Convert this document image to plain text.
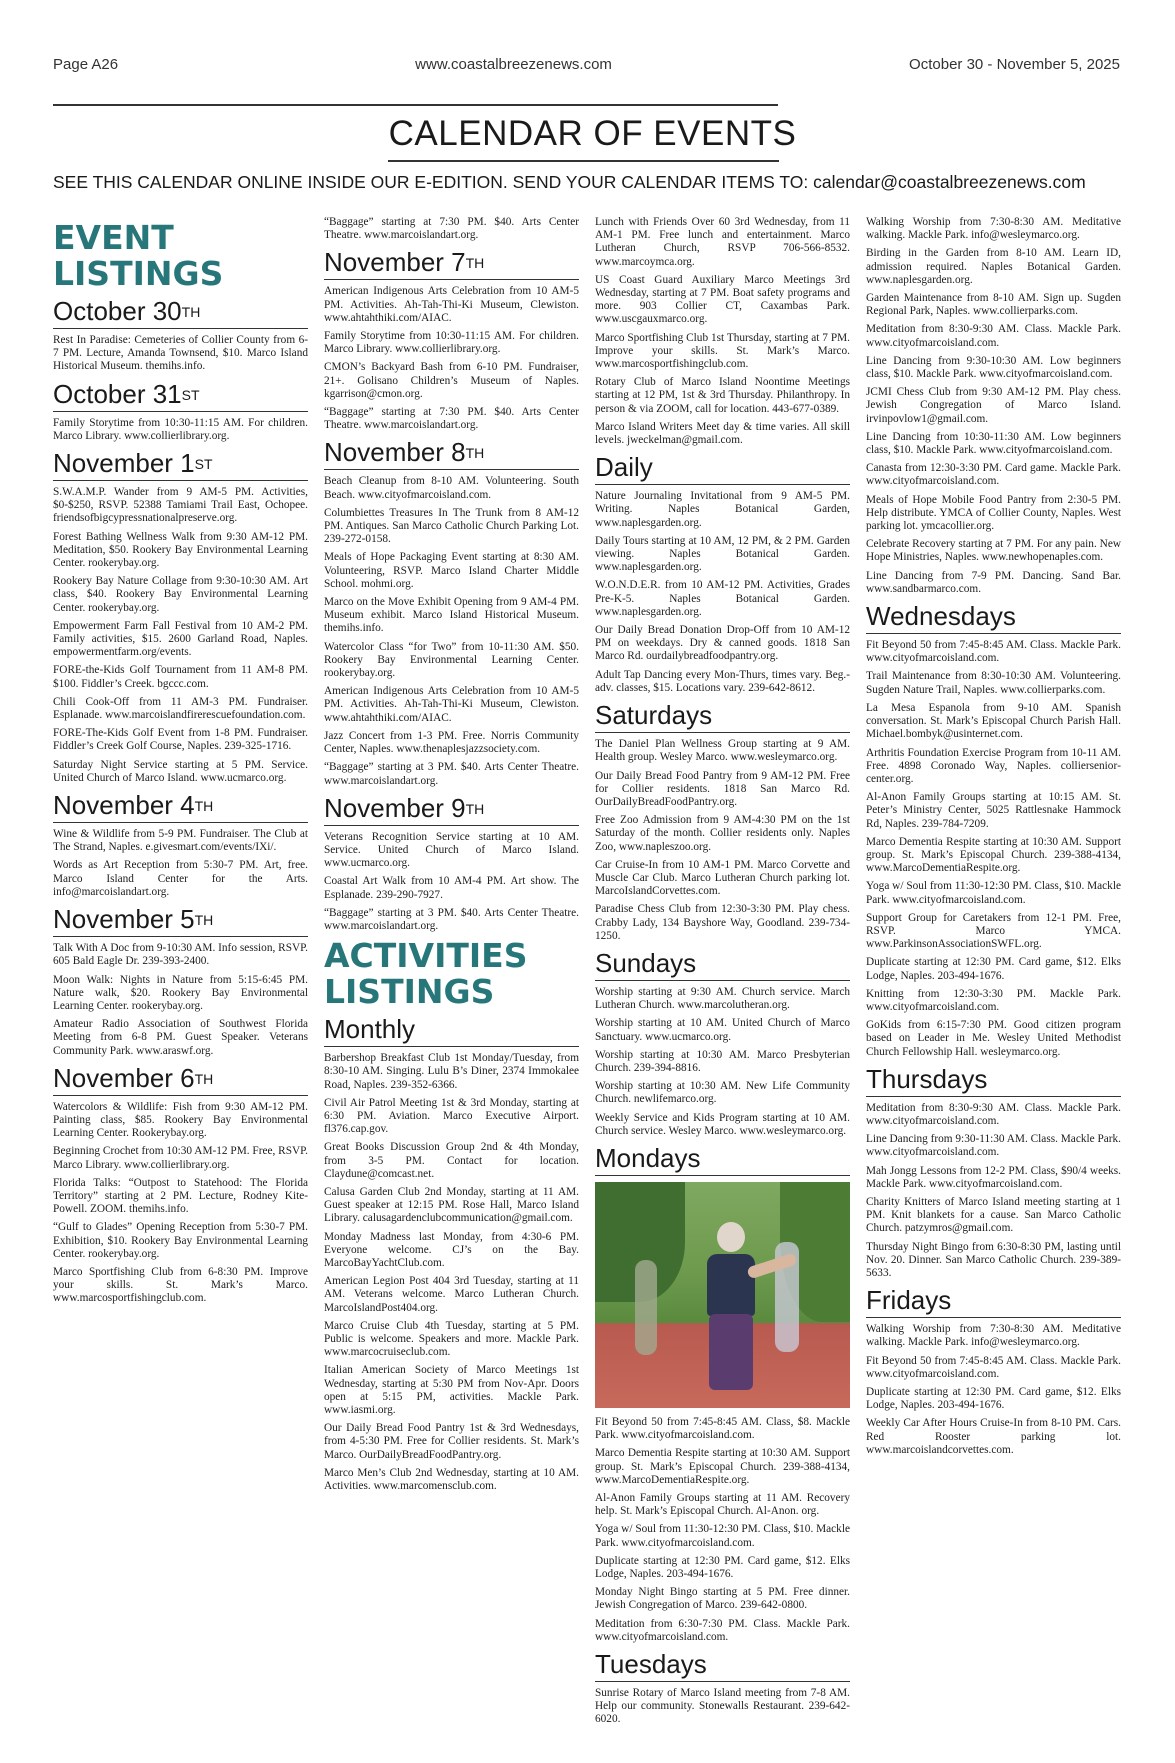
Page A26	www.coastalbreezenews.com	October 30 - November 5, 2025
CALENDAR OF EVENTS
SEE THIS CALENDAR ONLINE INSIDE OUR E-EDITION. SEND YOUR CALENDAR ITEMS TO: calendar@coastalbreezenews.com
EVENT LISTINGS
October 30TH

Rest In Paradise: Cemeteries of Collier County from 6-7 PM. Lecture, Amanda Townsend, $10. Marco Island Historical Museum. themihs.info.

October 31ST

Family Storytime from 10:30-11:15 AM. For children. Marco Library. www.collierlibrary.org.

November 1ST

S.W.A.M.P. Wander from 9 AM-5 PM. Activities, $0-$250, RSVP. 52388 Tamiami Trail East, Ochopee. friendsofbigcypressnationalpreserve.org.

Forest Bathing Wellness Walk from 9:30 AM-12 PM. Meditation, $50. Rookery Bay Environmental Learning Center. rookerybay.org.

Rookery Bay Nature Collage from 9:30-10:30 AM. Art class, $40. Rookery Bay Environmental Learning Center. rookerybay.org.

Empowerment Farm Fall Festival from 10 AM-2 PM. Family activities, $15. 2600 Garland Road, Naples. empowermentfarm.org/events.

FORE-the-Kids Golf Tournament from 11 AM-8 PM. $100. Fiddler’s Creek. bgccc.com.

Chili Cook-Off from 11 AM-3 PM. Fundraiser. Esplanade. www.marcoislandfirerescuefoundation.com.

FORE-The-Kids Golf Event from 1-8 PM. Fundraiser. Fiddler’s Creek Golf Course, Naples. 239-325-1716.

Saturday Night Service starting at 5 PM. Service. United Church of Marco Island. www.ucmarco.org.

November 4TH

Wine & Wildlife from 5-9 PM. Fundraiser. The Club at The Strand, Naples. e.givesmart.com/events/IXi/.

Words as Art Reception from 5:30-7 PM. Art, free. Marco Island Center for the Arts. info@marcoislandart.org.

November 5TH

Talk With A Doc from 9-10:30 AM. Info session, RSVP. 605 Bald Eagle Dr. 239-393-2400.

Moon Walk: Nights in Nature from 5:15-6:45 PM. Nature walk, $20. Rookery Bay Environmental Learning Center. rookerybay.org.

Amateur Radio Association of Southwest Florida Meeting from 6-8 PM. Guest Speaker. Veterans Community Park. www.araswf.org.

November 6TH

Watercolors & Wildlife: Fish from 9:30 AM-12 PM. Painting class, $85. Rookery Bay Environmental Learning Center. Rookerybay.org.

Beginning Crochet from 10:30 AM-12 PM. Free, RSVP. Marco Library. www.collierlibrary.org.

Florida Talks: “Outpost to Statehood: The Florida Territory” starting at 2 PM. Lecture, Rodney Kite-Powell. ZOOM. themihs.info.

“Gulf to Glades” Opening Reception from 5:30-7 PM. Exhibition, $10. Rookery Bay Environmental Learning Center. rookerybay.org.

Marco Sportfishing Club from 6-8:30 PM. Improve your skills. St. Mark’s Marco. www.marcosportfishingclub.com.

“Baggage” starting at 7:30 PM. $40. Arts Center Theatre. www.marcoislandart.org.

November 7TH

American Indigenous Arts Celebration from 10 AM-5 PM. Activities. Ah-Tah-Thi-Ki Museum, Clewiston. www.ahtahthiki.com/AIAC.

Family Storytime from 10:30-11:15 AM. For children. Marco Library. www.collierlibrary.org.

CMON’s Backyard Bash from 6-10 PM. Fundraiser, 21+. Golisano Children’s Museum of Naples. kgarrison@cmon.org.

“Baggage” starting at 7:30 PM. $40. Arts Center Theatre. www.marcoislandart.org.

November 8TH

Beach Cleanup from 8-10 AM. Volunteering. South Beach. www.cityofmarcoisland.com.

Columbiettes Treasures In The Trunk from 8 AM-12 PM. Antiques. San Marco Catholic Church Parking Lot. 239-272-0158.

Meals of Hope Packaging Event starting at 8:30 AM. Volunteering, RSVP. Marco Island Charter Middle School. mohmi.org.

Marco on the Move Exhibit Opening from 9 AM-4 PM. Museum exhibit. Marco Island Historical Museum. themihs.info.

Watercolor Class “for Two” from 10-11:30 AM. $50. Rookery Bay Environmental Learning Center. rookerybay.org.

American Indigenous Arts Celebration from 10 AM-5 PM. Activities. Ah-Tah-Thi-Ki Museum, Clewiston. www.ahtahthiki.com/AIAC.

Jazz Concert from 1-3 PM. Free. Norris Community Center, Naples. www.thenaplesjazzsociety.com.

“Baggage” starting at 3 PM. $40. Arts Center Theatre. www.marcoislandart.org.

November 9TH

Veterans Recognition Service starting at 10 AM. Service. United Church of Marco Island. www.ucmarco.org.

Coastal Art Walk from 10 AM-4 PM. Art show. The Esplanade. 239-290-7927.

“Baggage” starting at 3 PM. $40. Arts Center Theatre. www.marcoislandart.org.

ACTIVITIES LISTINGS
Monthly

Barbershop Breakfast Club 1st Monday/Tuesday, from 8:30-10 AM. Singing. Lulu B’s Diner, 2374 Immokalee Road, Naples. 239-352-6366.

Civil Air Patrol Meeting 1st & 3rd Monday, starting at 6:30 PM. Aviation. Marco Executive Airport. fl376.cap.gov.

Great Books Discussion Group 2nd & 4th Monday, from 3-5 PM. Contact for location. Claydune@comcast.net.

Calusa Garden Club 2nd Monday, starting at 11 AM. Guest speaker at 12:15 PM. Rose Hall, Marco Island Library. calusagardenclubcommunication@gmail.com.

Monday Madness last Monday, from 4:30-6 PM. Everyone welcome. CJ’s on the Bay. MarcoBayYachtClub.com.

American Legion Post 404 3rd Tuesday, starting at 11 AM. Veterans welcome. Marco Lutheran Church. MarcoIslandPost404.org.

Marco Cruise Club 4th Tuesday, starting at 5 PM. Public is welcome. Speakers and more. Mackle Park. www.marcocruiseclub.com.

Italian American Society of Marco Meetings 1st Wednesday, starting at 5:30 PM from Nov-Apr. Doors open at 5:15 PM, activities. Mackle Park. www.iasmi.org.

Our Daily Bread Food Pantry 1st & 3rd Wednesdays, from 4-5:30 PM. Free for Collier residents. St. Mark’s Marco. OurDailyBreadFoodPantry.org.

Marco Men’s Club 2nd Wednesday, starting at 10 AM. Activities. www.marcomensclub.com.

Lunch with Friends Over 60 3rd Wednesday, from 11 AM-1 PM. Free lunch and entertainment. Marco Lutheran Church, RSVP 706-566-8532. www.marcoymca.org.

US Coast Guard Auxiliary Marco Meetings 3rd Wednesday, starting at 7 PM. Boat safety programs and more. 903 Collier CT, Caxambas Park. www.uscgauxmarco.org.

Marco Sportfishing Club 1st Thursday, starting at 7 PM. Improve your skills. St. Mark’s Marco. www.marcosportfishingclub.com.

Rotary Club of Marco Island Noontime Meetings starting at 12 PM, 1st & 3rd Thursday. Philanthropy. In person & via ZOOM, call for location. 443-677-0389.

Marco Island Writers Meet day & time varies. All skill levels. jweckelman@gmail.com.

Daily

Nature Journaling Invitational from 9 AM-5 PM. Writing. Naples Botanical Garden, www.naplesgarden.org.

Daily Tours starting at 10 AM, 12 PM, & 2 PM. Garden viewing. Naples Botanical Garden. www.naplesgarden.org.

W.O.N.D.E.R. from 10 AM-12 PM. Activities, Grades Pre-K-5. Naples Botanical Garden. www.naplesgarden.org.

Our Daily Bread Donation Drop-Off from 10 AM-12 PM on weekdays. Dry & canned goods. 1818 San Marco Rd. ourdailybreadfoodpantry.org.

Adult Tap Dancing every Mon-Thurs, times vary. Beg.-adv. classes, $15. Locations vary. 239-642-8612.

Saturdays

The Daniel Plan Wellness Group starting at 9 AM. Health group. Wesley Marco. www.wesleymarco.org.

Our Daily Bread Food Pantry from 9 AM-12 PM. Free for Collier residents. 1818 San Marco Rd. OurDailyBreadFoodPantry.org.

Free Zoo Admission from 9 AM-4:30 PM on the 1st Saturday of the month. Collier residents only. Naples Zoo, www.napleszoo.org.

Car Cruise-In from 10 AM-1 PM. Marco Corvette and Muscle Car Club. Marco Lutheran Church parking lot. MarcoIslandCorvettes.com.

Paradise Chess Club from 12:30-3:30 PM. Play chess. Crabby Lady, 134 Bayshore Way, Goodland. 239-734-1250.

Sundays

Worship starting at 9:30 AM. Church service. March Lutheran Church. www.marcolutheran.org.

Worship starting at 10 AM. United Church of Marco Sanctuary. www.ucmarco.org.

Worship starting at 10:30 AM. Marco Presbyterian Church. 239-394-8816.

Worship starting at 10:30 AM. New Life Community Church. newlifemarco.org.

Weekly Service and Kids Program starting at 10 AM. Church service. Wesley Marco. www.wesleymarco.org.

Mondays

Fit Beyond 50 from 7:45-8:45 AM. Class, $8. Mackle Park. www.cityofmarcoisland.com.

Marco Dementia Respite starting at 10:30 AM. Support group. St. Mark’s Episcopal Church. 239-388-4134, www.MarcoDementiaRespite.org.

Al-Anon Family Groups starting at 11 AM. Recovery help. St. Mark’s Episcopal Church. Al-Anon. org.

Yoga w/ Soul from 11:30-12:30 PM. Class, $10. Mackle Park. www.cityofmarcoisland.com.

Duplicate starting at 12:30 PM. Card game, $12. Elks Lodge, Naples. 203-494-1676.

Monday Night Bingo starting at 5 PM. Free dinner. Jewish Congregation of Marco. 239-642-0800.

Meditation from 6:30-7:30 PM. Class. Mackle Park. www.cityofmarcoisland.com.

Tuesdays

Sunrise Rotary of Marco Island meeting from 7-8 AM. Help our community. Stonewalls Restaurant. 239-642-6020.

Walking Worship from 7:30-8:30 AM. Meditative walking. Mackle Park. info@wesleymarco.org.

Birding in the Garden from 8-10 AM. Learn ID, admission required. Naples Botanical Garden. www.naplesgarden.org.

Garden Maintenance from 8-10 AM. Sign up. Sugden Regional Park, Naples. www.collierparks.com.

Meditation from 8:30-9:30 AM. Class. Mackle Park. www.cityofmarcoisland.com.

Line Dancing from 9:30-10:30 AM. Low beginners class, $10. Mackle Park. www.cityofmarcoisland.com.

JCMI Chess Club from 9:30 AM-12 PM. Play chess. Jewish Congregation of Marco Island. irvinpovlow1@gmail.com.

Line Dancing from 10:30-11:30 AM. Low beginners class, $10. Mackle Park. www.cityofmarcoisland.com.

Canasta from 12:30-3:30 PM. Card game. Mackle Park. www.cityofmarcoisland.com.

Meals of Hope Mobile Food Pantry from 2:30-5 PM. Help distribute. YMCA of Collier County, Naples. West parking lot. ymcacollier.org.

Celebrate Recovery starting at 7 PM. For any pain. New Hope Ministries, Naples. www.newhopenaples.com.

Line Dancing from 7-9 PM. Dancing. Sand Bar. www.sandbarmarco.com.

Wednesdays

Fit Beyond 50 from 7:45-8:45 AM. Class. Mackle Park. www.cityofmarcoisland.com.

Trail Maintenance from 8:30-10:30 AM. Volunteering. Sugden Nature Trail, Naples. www.collierparks.com.

La Mesa Espanola from 9-10 AM. Spanish conversation. St. Mark’s Episcopal Church Parish Hall. Michael.bombyk@usinternet.com.

Arthritis Foundation Exercise Program from 10-11 AM. Free. 4898 Coronado Way, Naples. collierseniorcenter.org.

Al-Anon Family Groups starting at 10:15 AM. St. Peter’s Ministry Center, 5025 Rattlesnake Hammock Rd, Naples. 239-784-7209.

Marco Dementia Respite starting at 10:30 AM. Support group. St. Mark’s Episcopal Church. 239-388-4134, www.MarcoDementiaRespite.org.

Yoga w/ Soul from 11:30-12:30 PM. Class, $10. Mackle Park. www.cityofmarcoisland.com.

Support Group for Caretakers from 12-1 PM. Free, RSVP. Marco YMCA. www.ParkinsonAssociationSWFL.org.

Duplicate starting at 12:30 PM. Card game, $12. Elks Lodge, Naples. 203-494-1676.

Knitting from 12:30-3:30 PM. Mackle Park. www.cityofmarcoisland.com.

GoKids from 6:15-7:30 PM. Good citizen program based on Leader in Me. Wesley United Methodist Church Fellowship Hall. wesleymarco.org.

Thursdays

Meditation from 8:30-9:30 AM. Class. Mackle Park. www.cityofmarcoisland.com.

Line Dancing from 9:30-11:30 AM. Class. Mackle Park. www.cityofmarcoisland.com.

Mah Jongg Lessons from 12-2 PM. Class, $90/4 weeks. Mackle Park. www.cityofmarcoisland.com.

Charity Knitters of Marco Island meeting starting at 1 PM. Knit blankets for a cause. San Marco Catholic Church. patzymros@gmail.com.

Thursday Night Bingo from 6:30-8:30 PM, lasting until Nov. 20. Dinner. San Marco Catholic Church. 239-389-5633.

Fridays

Walking Worship from 7:30-8:30 AM. Meditative walking. Mackle Park. info@wesleymarco.org.

Fit Beyond 50 from 7:45-8:45 AM. Class. Mackle Park. www.cityofmarcoisland.com.

Duplicate starting at 12:30 PM. Card game, $12. Elks Lodge, Naples. 203-494-1676.

Weekly Car After Hours Cruise-In from 8-10 PM. Cars. Red Rooster parking lot. www.marcoislandcorvettes.com.
